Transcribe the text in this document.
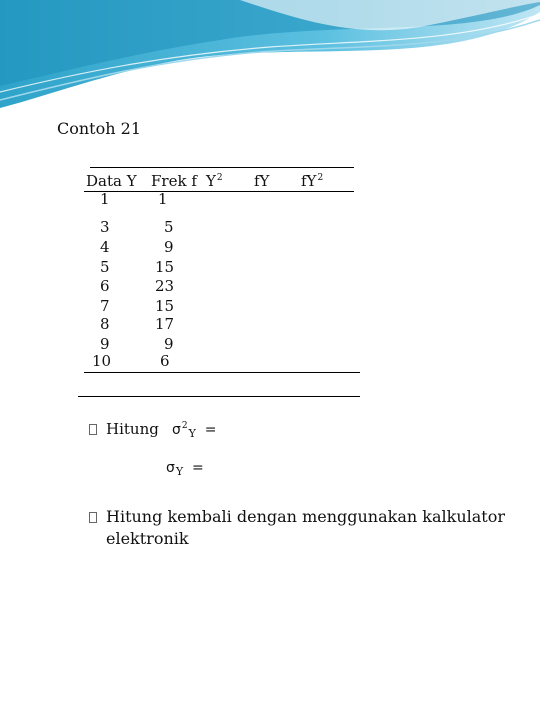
Contoh 21
Data Y Frek f $Y^2$ fY $fY^2$
1
3
4
5
6
7
8
9
10
1
5
9
15
23
15
17
9
6
Hitung $\sigma^2_Y$ =
$\sigma_Y$ =
Hitung kembali dengan menggunakan kalkulator
elektronik
